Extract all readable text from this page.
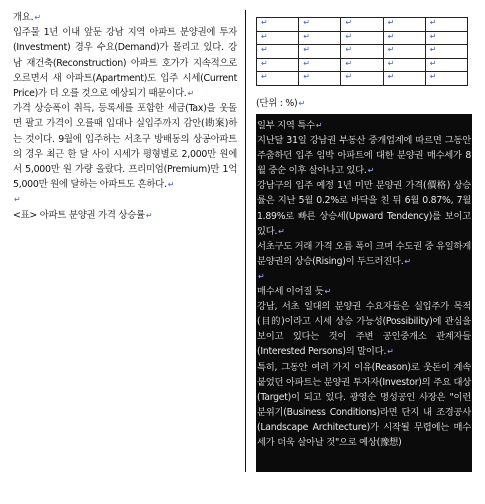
개요.↵

입주물 1년 이내 앞둔 강남 지역 아파트 분양권에 투자(Investment) 경우 수요(Demand)가 몰리고 있다. 강남 재건축(Reconstruction) 아파트 호가가 지속적으로 오르면서 새 아파트(Apartment)도 입주 시세(Current Price)가 더 오를 것으로 예상되기 때문이다.↵

가격 상승폭이 취득, 등록세를 포함한 세금(Tax)을 웃돌면 팔고 가격이 오를때 입대나 실입주까지 감안(勘案)하는 것이다. 9월에 입주하는 서초구 방배동의 상공아파트의 경우 최근 한 달 사이 시세가 평형별로 2,000만 원에서 5,000만 원 가량 올랐다. 프리미엄(Premium)만 1억 5,000만 원에 달하는 아파트도 흔하다.↵

↵

<표> 아파트 분양권 가격 상승률↵

↵	↵	↵	↵	↵
↵	↵	↵	↵	↵
↵	↵	↵	↵	↵
↵	↵	↵	↵	↵
↵	↵	↵	↵	↵
(단위 : %)↵

일부 지역 특수↵

지난달 31일 강남권 부동산 중개업계에 따르면 그동안 주춤하던 입주 임박 아파트에 대한 분양권 매수세가 8월 중순 이후 살아나고 있다.↵

강남구의 입주 예정 1년 미만 분양권 가격(價格) 상승률은 지난 5월 0.2%로 바닥을 친 뒤 6월 0.87%, 7월 1.89%로 빠른 상승세(Upward Tendency)를 보이고 있다.↵

서초구도 거래 가격 오름 폭이 크며 수도권 중 유일하게 분양권의 상승(Rising)이 두드러진다.↵

↵

매수세 이어질 듯↵

강남, 서초 일대의 분양권 수요자들은 실입주가 목적(目的)이라고 시세 상승 가능성(Possibility)에 관심을 보이고 있다는 것이 주변 공인중개소 관계자들(Interested Persons)의 말이다.↵

특히, 그동안 여러 가지 이유(Reason)로 웃돈이 계속 붙었던 아파트는 분양권 투자자(Investor)의 주요 대상(Target)이 되고 있다. 광영순 명성공인 사장은 "이런 분위기(Business Conditions)라면 단지 내 조경공사(Landscape Architecture)가 시작될 무렵에는 매수세가 더욱 살아날 것"으로 예상(豫想)
